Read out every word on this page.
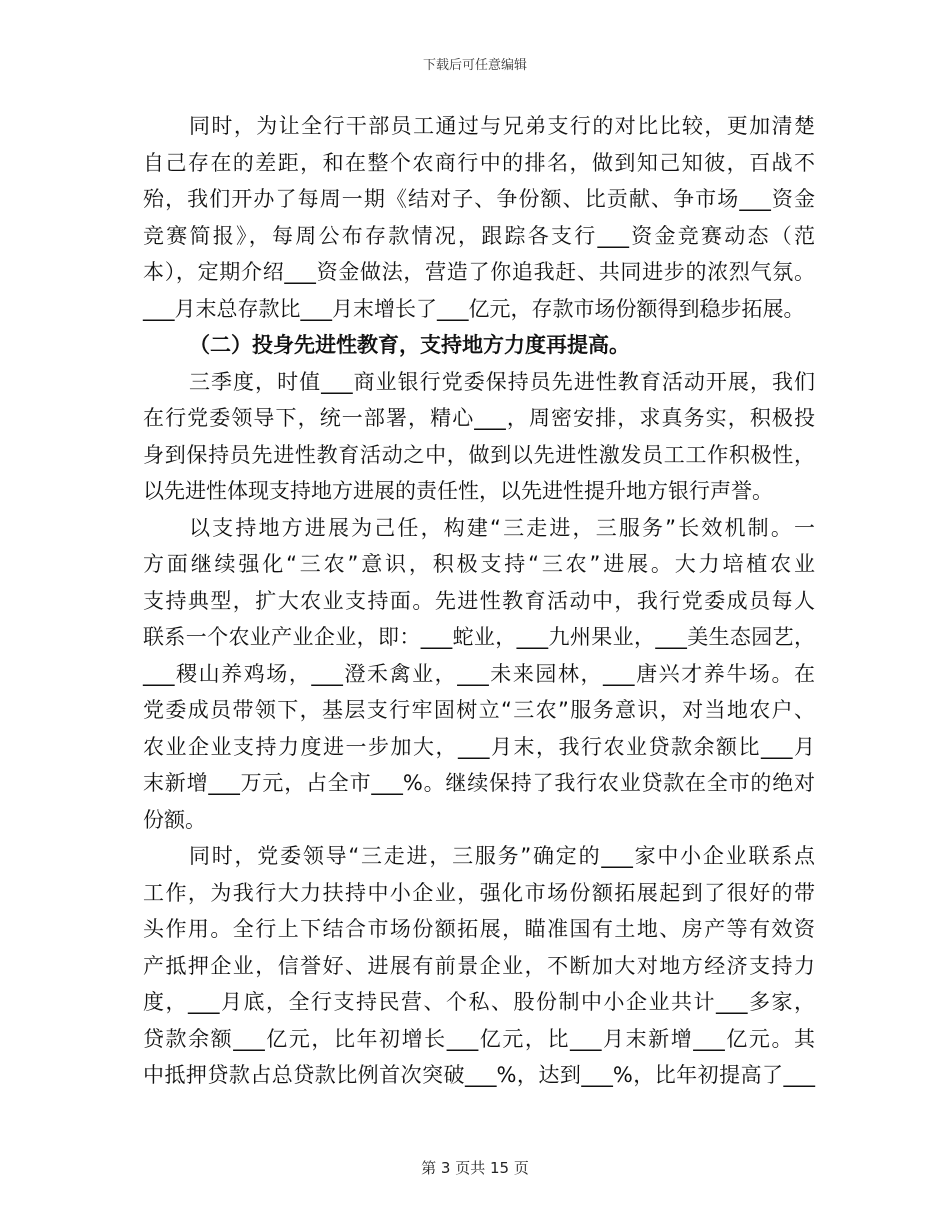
下载后可任意编辑
同时，为让全行干部员工通过与兄弟支行的对比比较，更加清楚
自己存在的差距，和在整个农商行中的排名，做到知己知彼，百战不
殆，我们开办了每周一期《结对子、争份额、比贡献、争市场___资金
竞赛简报》，每周公布存款情况，跟踪各支行___资金竞赛动态（范
本），定期介绍___资金做法，营造了你追我赶、共同进步的浓烈气氛。
___月末总存款比___月末增长了___亿元，存款市场份额得到稳步拓展。
（二）投身先进性教育，支持地方力度再提高。
三季度，时值___商业银行党委保持员先进性教育活动开展，我们
在行党委领导下，统一部署，精心___，周密安排，求真务实，积极投
身到保持员先进性教育活动之中，做到以先进性激发员工工作积极性，
以先进性体现支持地方进展的责任性，以先进性提升地方银行声誉。
以支持地方进展为己任，构建“三走进，三服务”长效机制。一
方面继续强化“三农”意识，积极支持“三农”进展。大力培植农业
支持典型，扩大农业支持面。先进性教育活动中，我行党委成员每人
联系一个农业产业企业，即：___蛇业，___九州果业，___美生态园艺，
___稷山养鸡场，___澄禾禽业，___未来园林，___唐兴才养牛场。在
党委成员带领下，基层支行牢固树立“三农”服务意识，对当地农户、
农业企业支持力度进一步加大，___月末，我行农业贷款余额比___月
末新增___万元，占全市___%。继续保持了我行农业贷款在全市的绝对
份额。
同时，党委领导“三走进，三服务”确定的___家中小企业联系点
工作，为我行大力扶持中小企业，强化市场份额拓展起到了很好的带
头作用。全行上下结合市场份额拓展，瞄准国有土地、房产等有效资
产抵押企业，信誉好、进展有前景企业，不断加大对地方经济支持力
度，___月底，全行支持民营、个私、股份制中小企业共计___多家，
贷款余额___亿元，比年初增长___亿元，比___月末新增___亿元。其
中抵押贷款占总贷款比例首次突破___%，达到___%，比年初提高了___
第 3 页共 15 页
